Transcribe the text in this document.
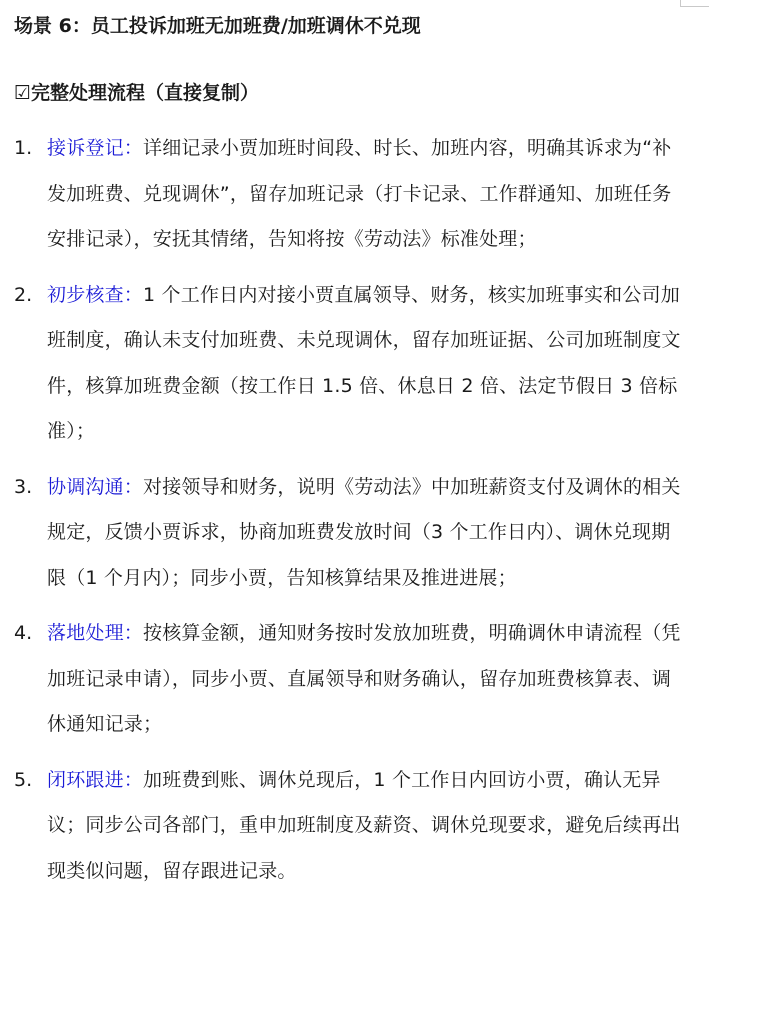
场景 6：员工投诉加班无加班费/加班调休不兑现
☑完整处理流程（直接复制）
1. 接诉登记：详细记录小贾加班时间段、时长、加班内容，明确其诉求为“补发加班费、兑现调休”，留存加班记录（打卡记录、工作群通知、加班任务安排记录），安抚其情绪，告知将按《劳动法》标准处理；
2. 初步核查：1 个工作日内对接小贾直属领导、财务，核实加班事实和公司加班制度，确认未支付加班费、未兑现调休，留存加班证据、公司加班制度文件，核算加班费金额（按工作日 1.5 倍、休息日 2 倍、法定节假日 3 倍标准）；
3. 协调沟通：对接领导和财务，说明《劳动法》中加班薪资支付及调休的相关规定，反馈小贾诉求，协商加班费发放时间（3 个工作日内）、调休兑现期限（1 个月内）；同步小贾，告知核算结果及推进进展；
4. 落地处理：按核算金额，通知财务按时发放加班费，明确调休申请流程（凭加班记录申请），同步小贾、直属领导和财务确认，留存加班费核算表、调休通知记录；
5. 闭环跟进：加班费到账、调休兑现后，1 个工作日内回访小贾，确认无异议；同步公司各部门，重申加班制度及薪资、调休兑现要求，避免后续再出现类似问题，留存跟进记录。
